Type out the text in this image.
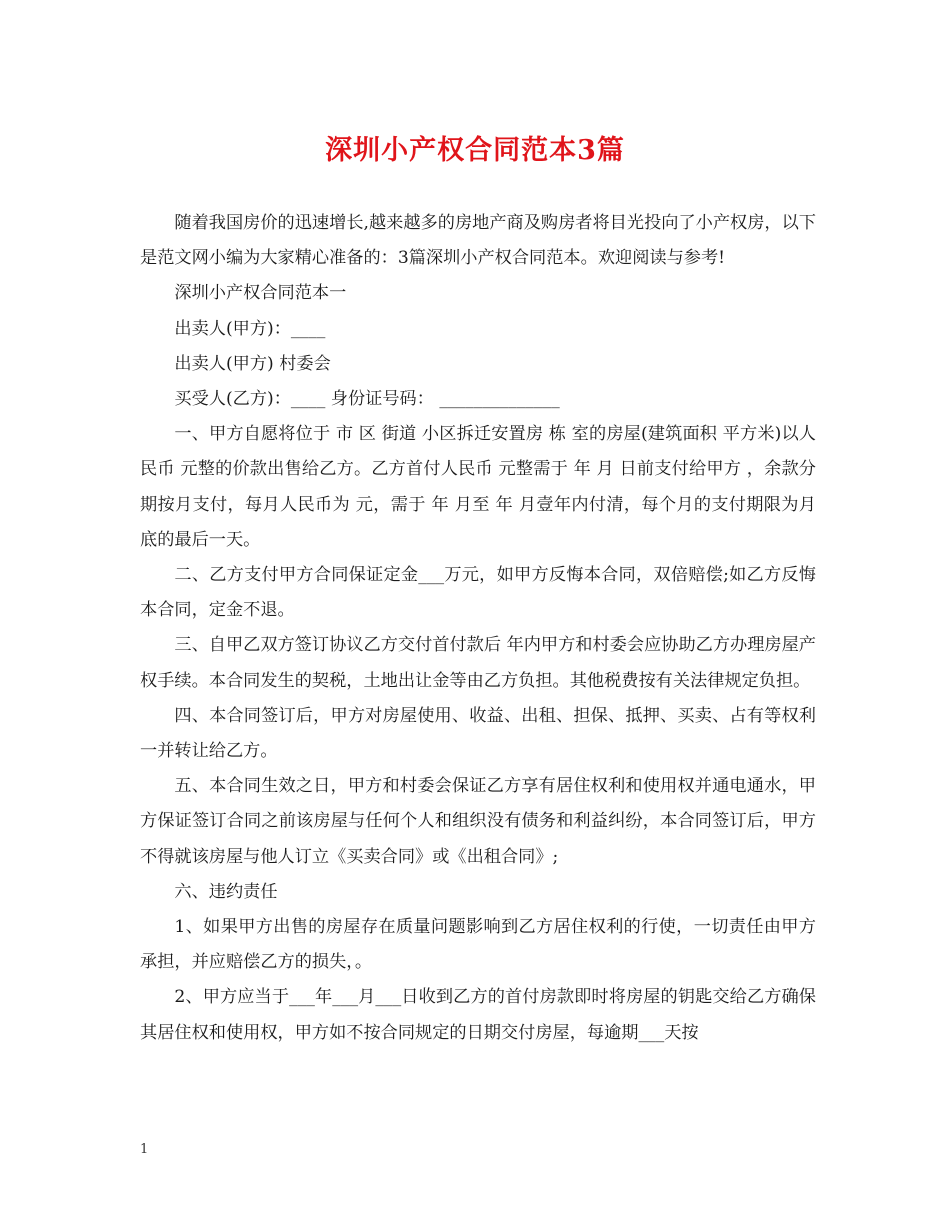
深圳小产权合同范本3篇

随着我国房价的迅速增长,越来越多的房地产商及购房者将目光投向了小产权房，以下是范文网小编为大家精心准备的：3篇深圳小产权合同范本。欢迎阅读与参考!

深圳小产权合同范本一

出卖人(甲方)：____

出卖人(甲方) 村委会

买受人(乙方)：____ 身份证号码： ______________

一、甲方自愿将位于 市 区 街道 小区拆迁安置房 栋 室的房屋(建筑面积 平方米)以人民币 元整的价款出售给乙方。乙方首付人民币 元整需于 年 月 日前支付给甲方 ，余款分期按月支付，每月人民币为 元，需于 年 月至 年 月壹年内付清，每个月的支付期限为月底的最后一天。

二、乙方支付甲方合同保证定金___万元，如甲方反悔本合同，双倍赔偿;如乙方反悔本合同，定金不退。

三、自甲乙双方签订协议乙方交付首付款后 年内甲方和村委会应协助乙方办理房屋产权手续。本合同发生的契税，土地出让金等由乙方负担。其他税费按有关法律规定负担。

四、本合同签订后，甲方对房屋使用、收益、出租、担保、抵押、买卖、占有等权利一并转让给乙方。

五、本合同生效之日，甲方和村委会保证乙方享有居住权利和使用权并通电通水，甲方保证签订合同之前该房屋与任何个人和组织没有债务和利益纠纷，本合同签订后，甲方不得就该房屋与他人订立《买卖合同》或《出租合同》;

六、违约责任

1、如果甲方出售的房屋存在质量问题影响到乙方居住权利的行使，一切责任由甲方承担，并应赔偿乙方的损失，。

2、甲方应当于___年___月___日收到乙方的首付房款即时将房屋的钥匙交给乙方确保其居住权和使用权，甲方如不按合同规定的日期交付房屋，每逾期___天按

1
